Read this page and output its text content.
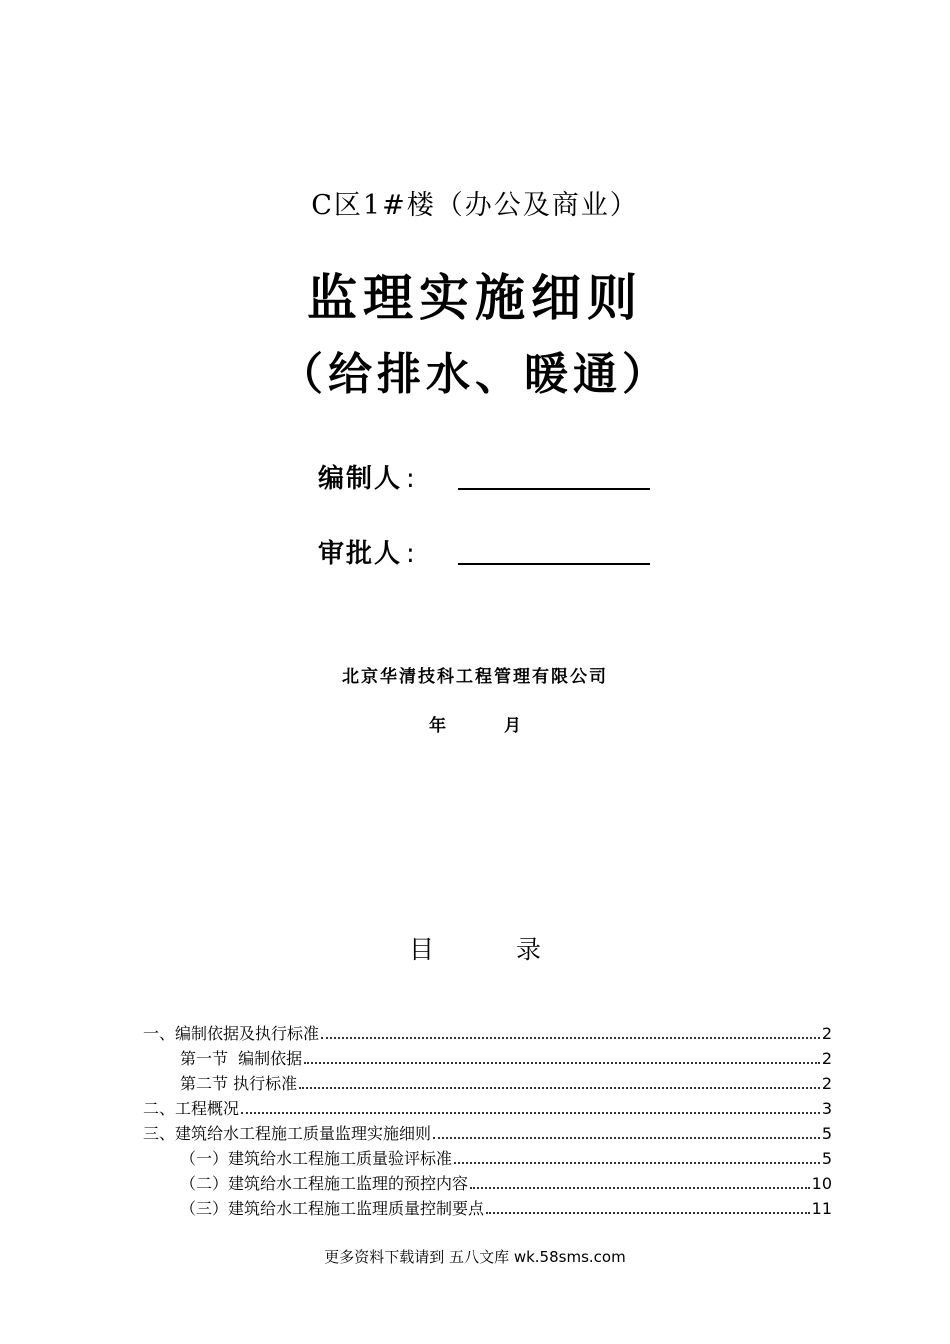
C区1#楼（办公及商业）
监理实施细则
（给排水、暖通）
编制人 :
审批人 :
北京华清技科工程管理有限公司
年	月
目	录
一、编制依据及执行标准	2
第一节  编制依据	2
第二节 执行标准	2
二、工程概况	3
三、建筑给水工程施工质量监理实施细则	5
（一）建筑给水工程施工质量验评标准	5
（二）建筑给水工程施工监理的预控内容	10
（三）建筑给水工程施工监理质量控制要点	11
更多资料下载请到 五八文库 wk.58sms.com
